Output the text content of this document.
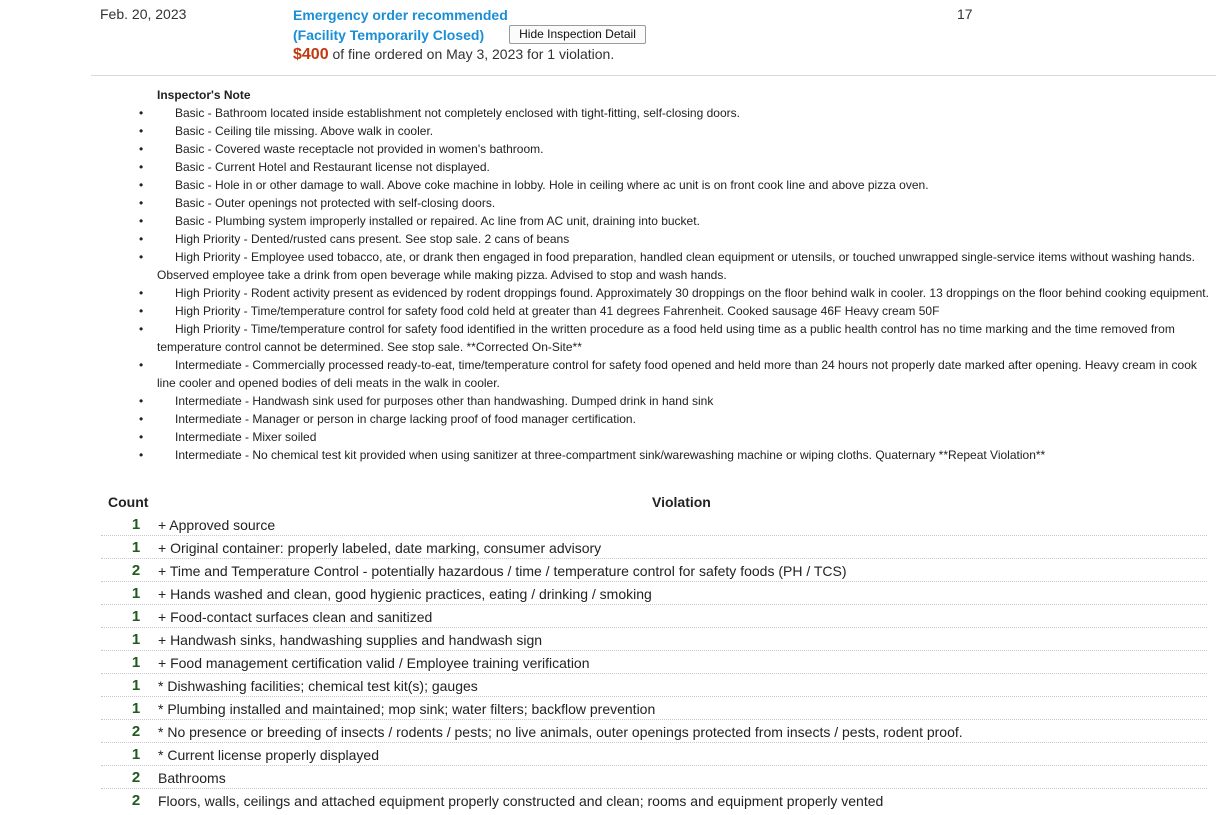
Feb. 20, 2023	Emergency order recommended
(Facility Temporarily Closed)	Hide Inspection Detail
$400 of fine ordered on May 3, 2023 for 1 violation.
17
Inspector's Note
•	Basic - Bathroom located inside establishment not completely enclosed with tight-fitting, self-closing doors.
•	Basic - Ceiling tile missing. Above walk in cooler.
•	Basic - Covered waste receptacle not provided in women's bathroom.
•	Basic - Current Hotel and Restaurant license not displayed.
•	Basic - Hole in or other damage to wall. Above coke machine in lobby. Hole in ceiling where ac unit is on front cook line and above pizza oven.
•	Basic - Outer openings not protected with self-closing doors.
•	Basic - Plumbing system improperly installed or repaired. Ac line from AC unit, draining into bucket.
•	High Priority - Dented/rusted cans present. See stop sale. 2 cans of beans
•	High Priority - Employee used tobacco, ate, or drank then engaged in food preparation, handled clean equipment or utensils, or touched unwrapped single-service items without washing hands. Observed employee take a drink from open beverage while making pizza. Advised to stop and wash hands.
•	High Priority - Rodent activity present as evidenced by rodent droppings found. Approximately 30 droppings on the floor behind walk in cooler. 13 droppings on the floor behind cooking equipment.
•	High Priority - Time/temperature control for safety food cold held at greater than 41 degrees Fahrenheit. Cooked sausage 46F Heavy cream 50F
•	High Priority - Time/temperature control for safety food identified in the written procedure as a food held using time as a public health control has no time marking and the time removed from temperature control cannot be determined. See stop sale. **Corrected On-Site**
•	Intermediate - Commercially processed ready-to-eat, time/temperature control for safety food opened and held more than 24 hours not properly date marked after opening. Heavy cream in cook line cooler and opened bodies of deli meats in the walk in cooler.
•	Intermediate - Handwash sink used for purposes other than handwashing. Dumped drink in hand sink
•	Intermediate - Manager or person in charge lacking proof of food manager certification.
•	Intermediate - Mixer soiled
•	Intermediate - No chemical test kit provided when using sanitizer at three-compartment sink/warewashing machine or wiping cloths. Quaternary **Repeat Violation**
Count	Violation
1	+ Approved source
1	+ Original container: properly labeled, date marking, consumer advisory
2	+ Time and Temperature Control - potentially hazardous / time / temperature control for safety foods (PH / TCS)
1	+ Hands washed and clean, good hygienic practices, eating / drinking / smoking
1	+ Food-contact surfaces clean and sanitized
1	+ Handwash sinks, handwashing supplies and handwash sign
1	+ Food management certification valid / Employee training verification
1	* Dishwashing facilities; chemical test kit(s); gauges
1	* Plumbing installed and maintained; mop sink; water filters; backflow prevention
2	* No presence or breeding of insects / rodents / pests; no live animals, outer openings protected from insects / pests, rodent proof.
1	* Current license properly displayed
2	Bathrooms
2	Floors, walls, ceilings and attached equipment properly constructed and clean; rooms and equipment properly vented
